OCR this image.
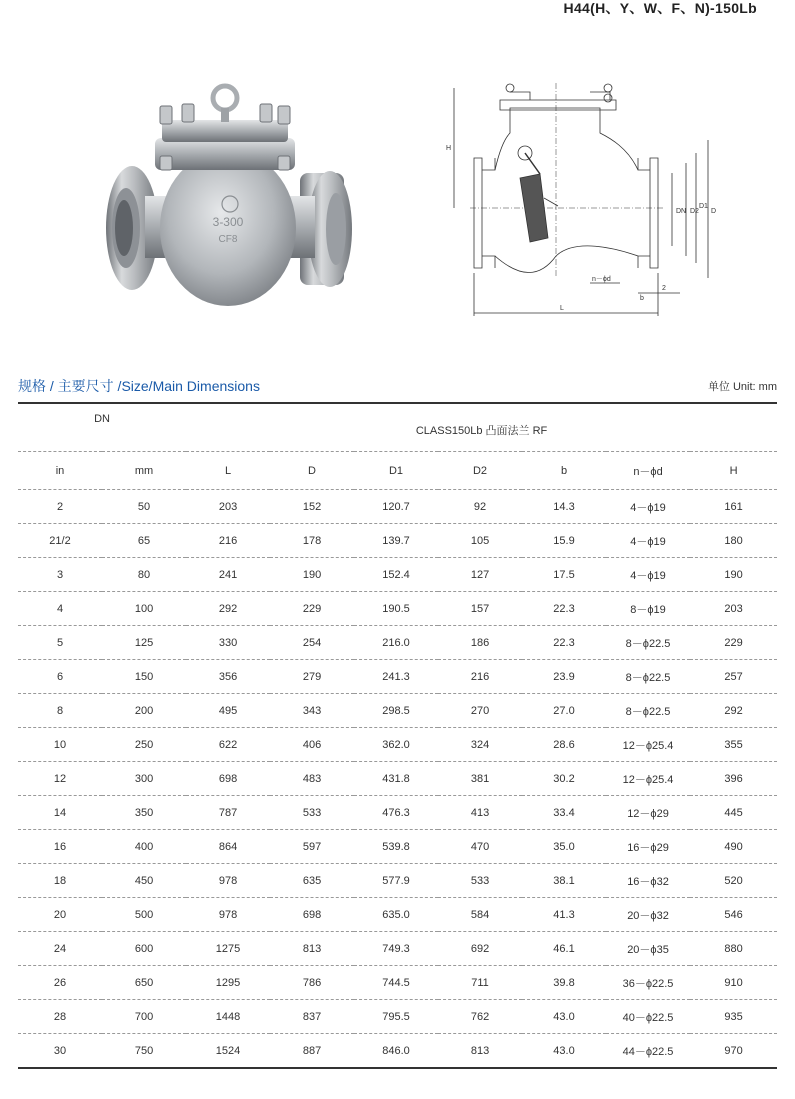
H44(H、Y、W、F、N)-150Lb
3-300
CF8
H
DN D2
D1
D
L
n－ϕd
2
b
规格 / 主要尺寸 /Size/Main Dimensions	单位 Unit: mm
DN		CLASS150Lb 凸面法兰 RF						
in	mm	L	D	D1	D2	b	n－ϕd	H
2	50	203	152	120.7	92	14.3	4－ϕ19	161
21/2	65	216	178	139.7	105	15.9	4－ϕ19	180
3	80	241	190	152.4	127	17.5	4－ϕ19	190
4	100	292	229	190.5	157	22.3	8－ϕ19	203
5	125	330	254	216.0	186	22.3	8－ϕ22.5	229
6	150	356	279	241.3	216	23.9	8－ϕ22.5	257
8	200	495	343	298.5	270	27.0	8－ϕ22.5	292
10	250	622	406	362.0	324	28.6	12－ϕ25.4	355
12	300	698	483	431.8	381	30.2	12－ϕ25.4	396
14	350	787	533	476.3	413	33.4	12－ϕ29	445
16	400	864	597	539.8	470	35.0	16－ϕ29	490
18	450	978	635	577.9	533	38.1	16－ϕ32	520
20	500	978	698	635.0	584	41.3	20－ϕ32	546
24	600	1275	813	749.3	692	46.1	20－ϕ35	880
26	650	1295	786	744.5	711	39.8	36－ϕ22.5	910
28	700	1448	837	795.5	762	43.0	40－ϕ22.5	935
30	750	1524	887	846.0	813	43.0	44－ϕ22.5	970
